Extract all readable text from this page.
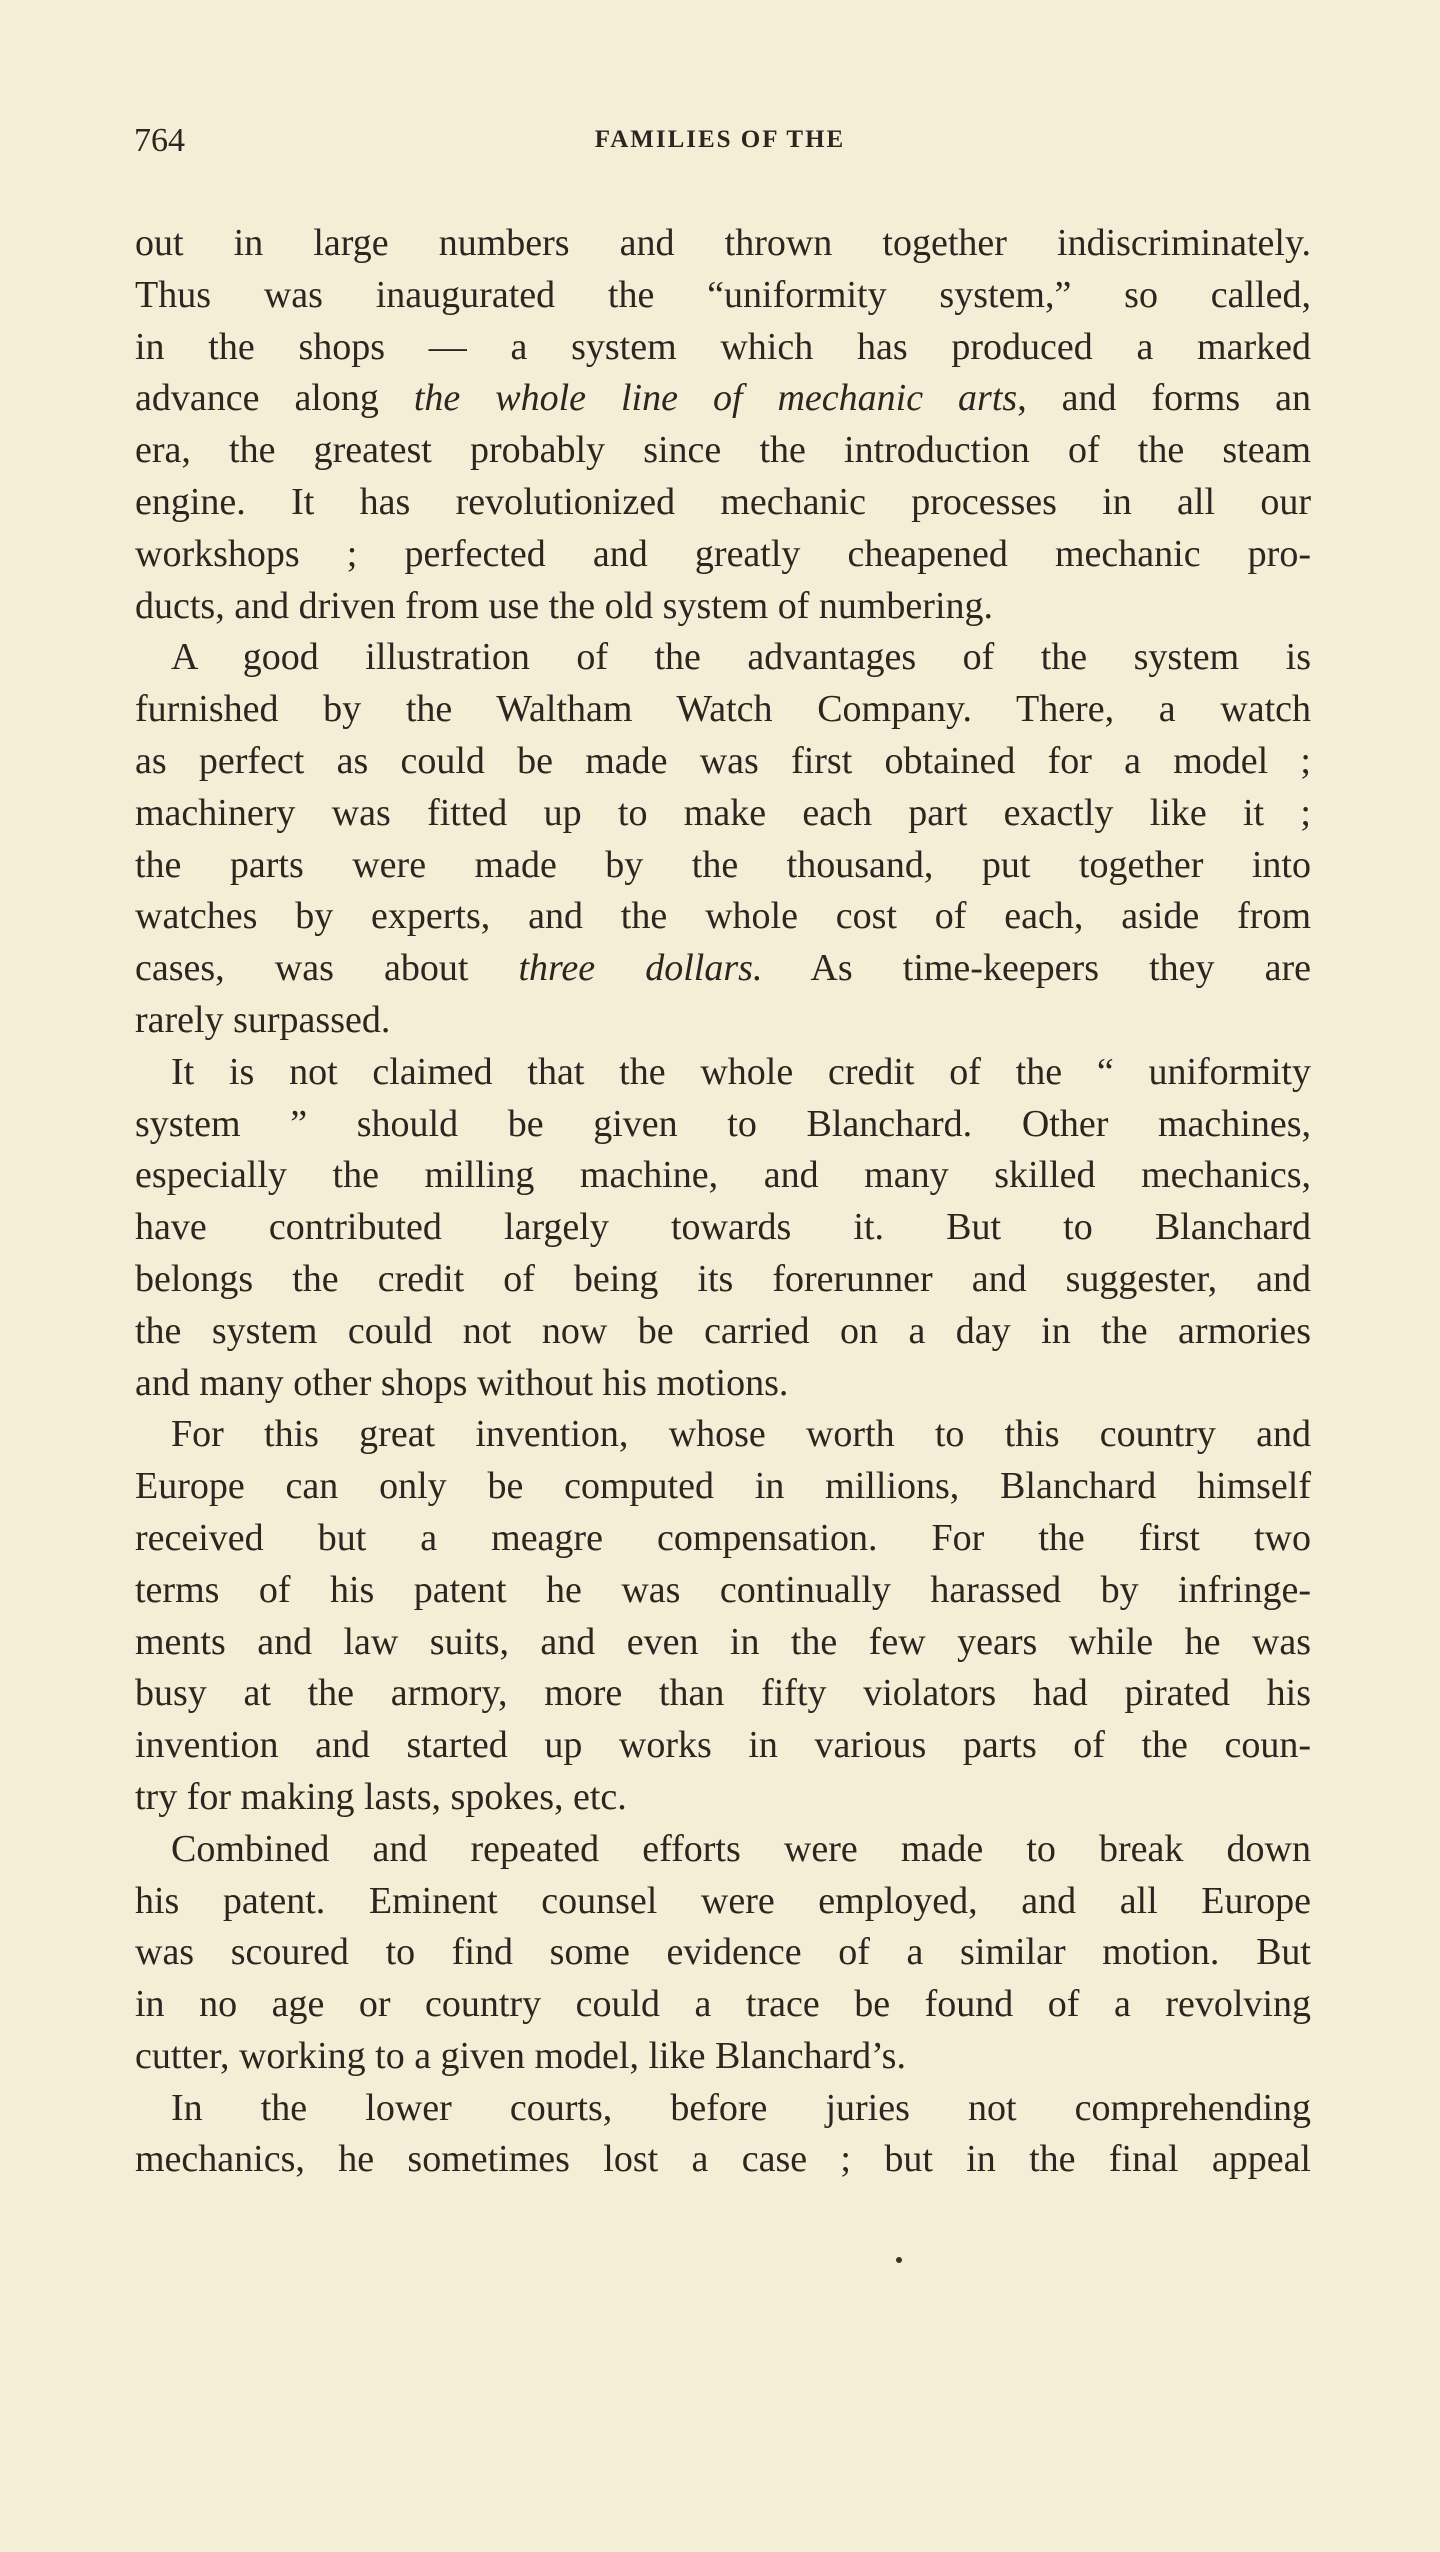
764	FAMILIES OF THE
out in large numbers and thrown together indiscriminately.
Thus was inaugurated the “uniformity system,” so called,
in the shops — a system which has produced a marked
advance along the whole line of mechanic arts, and forms an
era, the greatest probably since the introduction of the steam
engine. It has revolutionized mechanic processes in all our
workshops ; perfected and greatly cheapened mechanic pro-
ducts, and driven from use the old system of numbering.
A good illustration of the advantages of the system is
furnished by the Waltham Watch Company. There, a watch
as perfect as could be made was first obtained for a model ;
machinery was fitted up to make each part exactly like it ;
the parts were made by the thousand, put together into
watches by experts, and the whole cost of each, aside from
cases, was about three dollars. As time-keepers they are
rarely surpassed.
It is not claimed that the whole credit of the “ uniformity
system ” should be given to Blanchard. Other machines,
especially the milling machine, and many skilled mechanics,
have contributed largely towards it. But to Blanchard
belongs the credit of being its forerunner and suggester, and
the system could not now be carried on a day in the armories
and many other shops without his motions.
For this great invention, whose worth to this country and
Europe can only be computed in millions, Blanchard himself
received but a meagre compensation. For the first two
terms of his patent he was continually harassed by infringe-
ments and law suits, and even in the few years while he was
busy at the armory, more than fifty violators had pirated his
invention and started up works in various parts of the coun-
try for making lasts, spokes, etc.
Combined and repeated efforts were made to break down
his patent. Eminent counsel were employed, and all Europe
was scoured to find some evidence of a similar motion. But
in no age or country could a trace be found of a revolving
cutter, working to a given model, like Blanchard’s.
In the lower courts, before juries not comprehending
mechanics, he sometimes lost a case ; but in the final appeal
